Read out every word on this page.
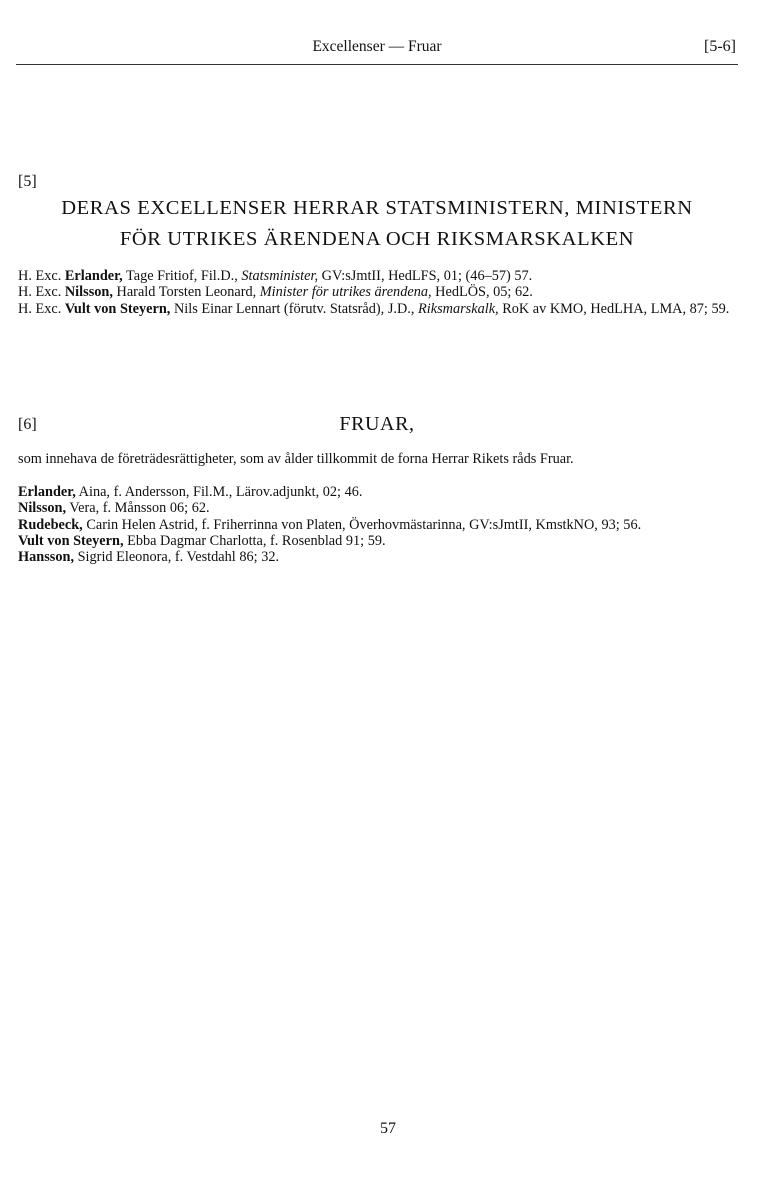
Excellenser — Fruar	[5-6]
[5]
DERAS EXCELLENSER HERRAR STATSMINISTERN, MINISTERN
FÖR UTRIKES ÄRENDENA OCH RIKSMARSKALKEN
H. Exc. Erlander, Tage Fritiof, Fil.D., Statsminister, GV:sJmtII, HedLFS, 01; (46–57) 57.
H. Exc. Nilsson, Harald Torsten Leonard, Minister för utrikes ärendena, HedLÖS, 05; 62.
H. Exc. Vult von Steyern, Nils Einar Lennart (förutv. Statsråd), J.D., Riksmarskalk, RoK av KMO, HedLHA, LMA, 87; 59.
[6]	FRUAR,
som innehava de företrädesrättigheter, som av ålder tillkommit de forna Herrar Rikets råds Fruar.
Erlander, Aina, f. Andersson, Fil.M., Lärov.adjunkt, 02; 46.
Nilsson, Vera, f. Månsson 06; 62.
Rudebeck, Carin Helen Astrid, f. Friherrinna von Platen, Överhovmästarinna, GV:sJmtII, KmstkNO, 93; 56.
Vult von Steyern, Ebba Dagmar Charlotta, f. Rosenblad 91; 59.
Hansson, Sigrid Eleonora, f. Vestdahl 86; 32.
57
